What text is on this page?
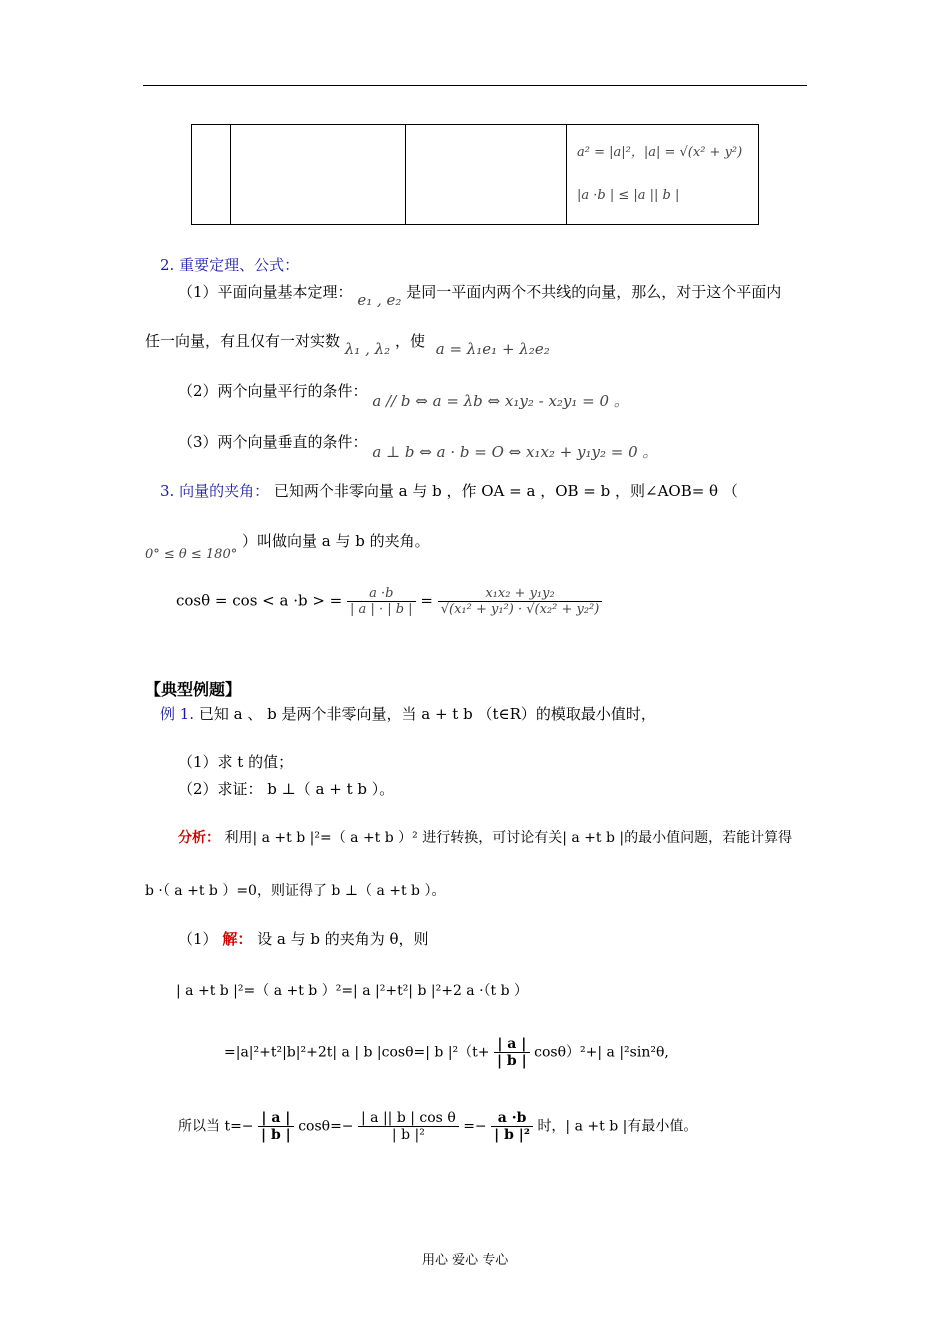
a² = |a|²，|a| = √(x² + y²)
|a ·b | ≤ |a || b |
2. 重要定理、公式：
（1）平面向量基本定理： e₁ , e₂ 是同一平面内两个不共线的向量，那么，对于这个平面内
任一向量，有且仅有一对实数 λ₁ , λ₂ ，使 a = λ₁e₁ + λ₂e₂
（2）两个向量平行的条件： a // b ⇔ a = λb ⇔ x₁y₂ - x₂y₁ = 0 。
（3）两个向量垂直的条件： a ⊥ b ⇔ a · b = O ⇔ x₁x₂ + y₁y₂ = 0 。
3. 向量的夹角： 已知两个非零向量 a 与 b ，作 OA = a ，OB = b ，则∠AOB= θ （
0° ≤ θ ≤ 180° ）叫做向量 a 与 b 的夹角。
cosθ = cos < a ·b > = $\frac{a \cdot b}{| a | \cdot | b |} = \frac{\text{x₁x₂ + y₁y₂}}{\text{√(x₁² + y₁²) · √(x₂² + y₂²)}}$
【典型例题】
例 1. 已知 a 、 b 是两个非零向量，当 a + t b （t∈R）的模取最小值时，
（1）求 t 的值；
（2）求证： b ⊥（ a + t b ）。
分析： 利用| a +t b |²=（ a +t b ）² 进行转换，可讨论有关| a +t b |的最小值问题，若能计算得
b ·（ a +t b ）=0，则证得了 b ⊥（ a +t b ）。
（1） 解： 设 a 与 b 的夹角为 θ，则
| a +t b |²=（ a +t b ）²=| a |²+t²| b |²+2 a ·（t b ）
=|a|²+t²|b|²+2t| a | b |cosθ=| b $|^2(t+ \frac{| a |}{| b |} \cos\theta)^2+|$ a |²sin²θ,
所以当 $t=- \frac{| a |}{| b |} \cos\theta=- \frac{\text{| a || b | cos θ}}{\text{| b |²}} =- \frac{a \cdot b}{\text{| b |²}}$ 时，| a +t b |有最小值。
用心 爱心 专心
